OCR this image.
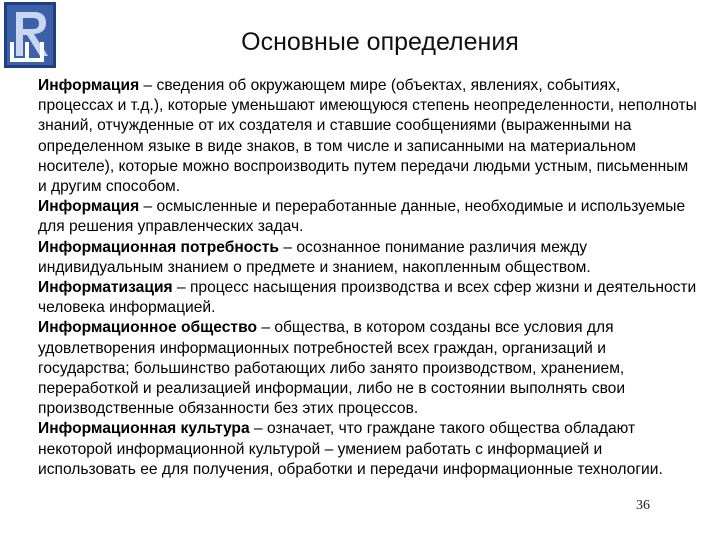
Основные определения

Информация – сведения об окружающем мире (объектах, явлениях, событиях, процессах и т.д.), которые уменьшают имеющуюся степень неопределенности, неполноты знаний, отчужденные от их создателя и ставшие сообщениями (выраженными на определенном языке в виде знаков, в том числе и записанными на материальном носителе), которые можно воспроизводить путем передачи людьми устным, письменным и другим способом.

Информация – осмысленные и переработанные данные, необходимые и используемые для решения управленческих задач.

Информационная потребность – осознанное понимание различия между индивидуальным знанием о предмете и знанием, накопленным обществом.

Информатизация – процесс насыщения производства и всех сфер жизни и деятельности человека информацией.

Информационное общество – общества, в котором созданы все условия для удовлетворения информационных потребностей всех граждан, организаций и государства; большинство работающих либо занято производством, хранением, переработкой и реализацией информации, либо не в состоянии выполнять свои производственные обязанности без этих процессов.

Информационная культура – означает, что граждане такого общества обладают некоторой информационной культурой – умением работать с информацией и использовать ее для получения, обработки и передачи информационные технологии.

36
